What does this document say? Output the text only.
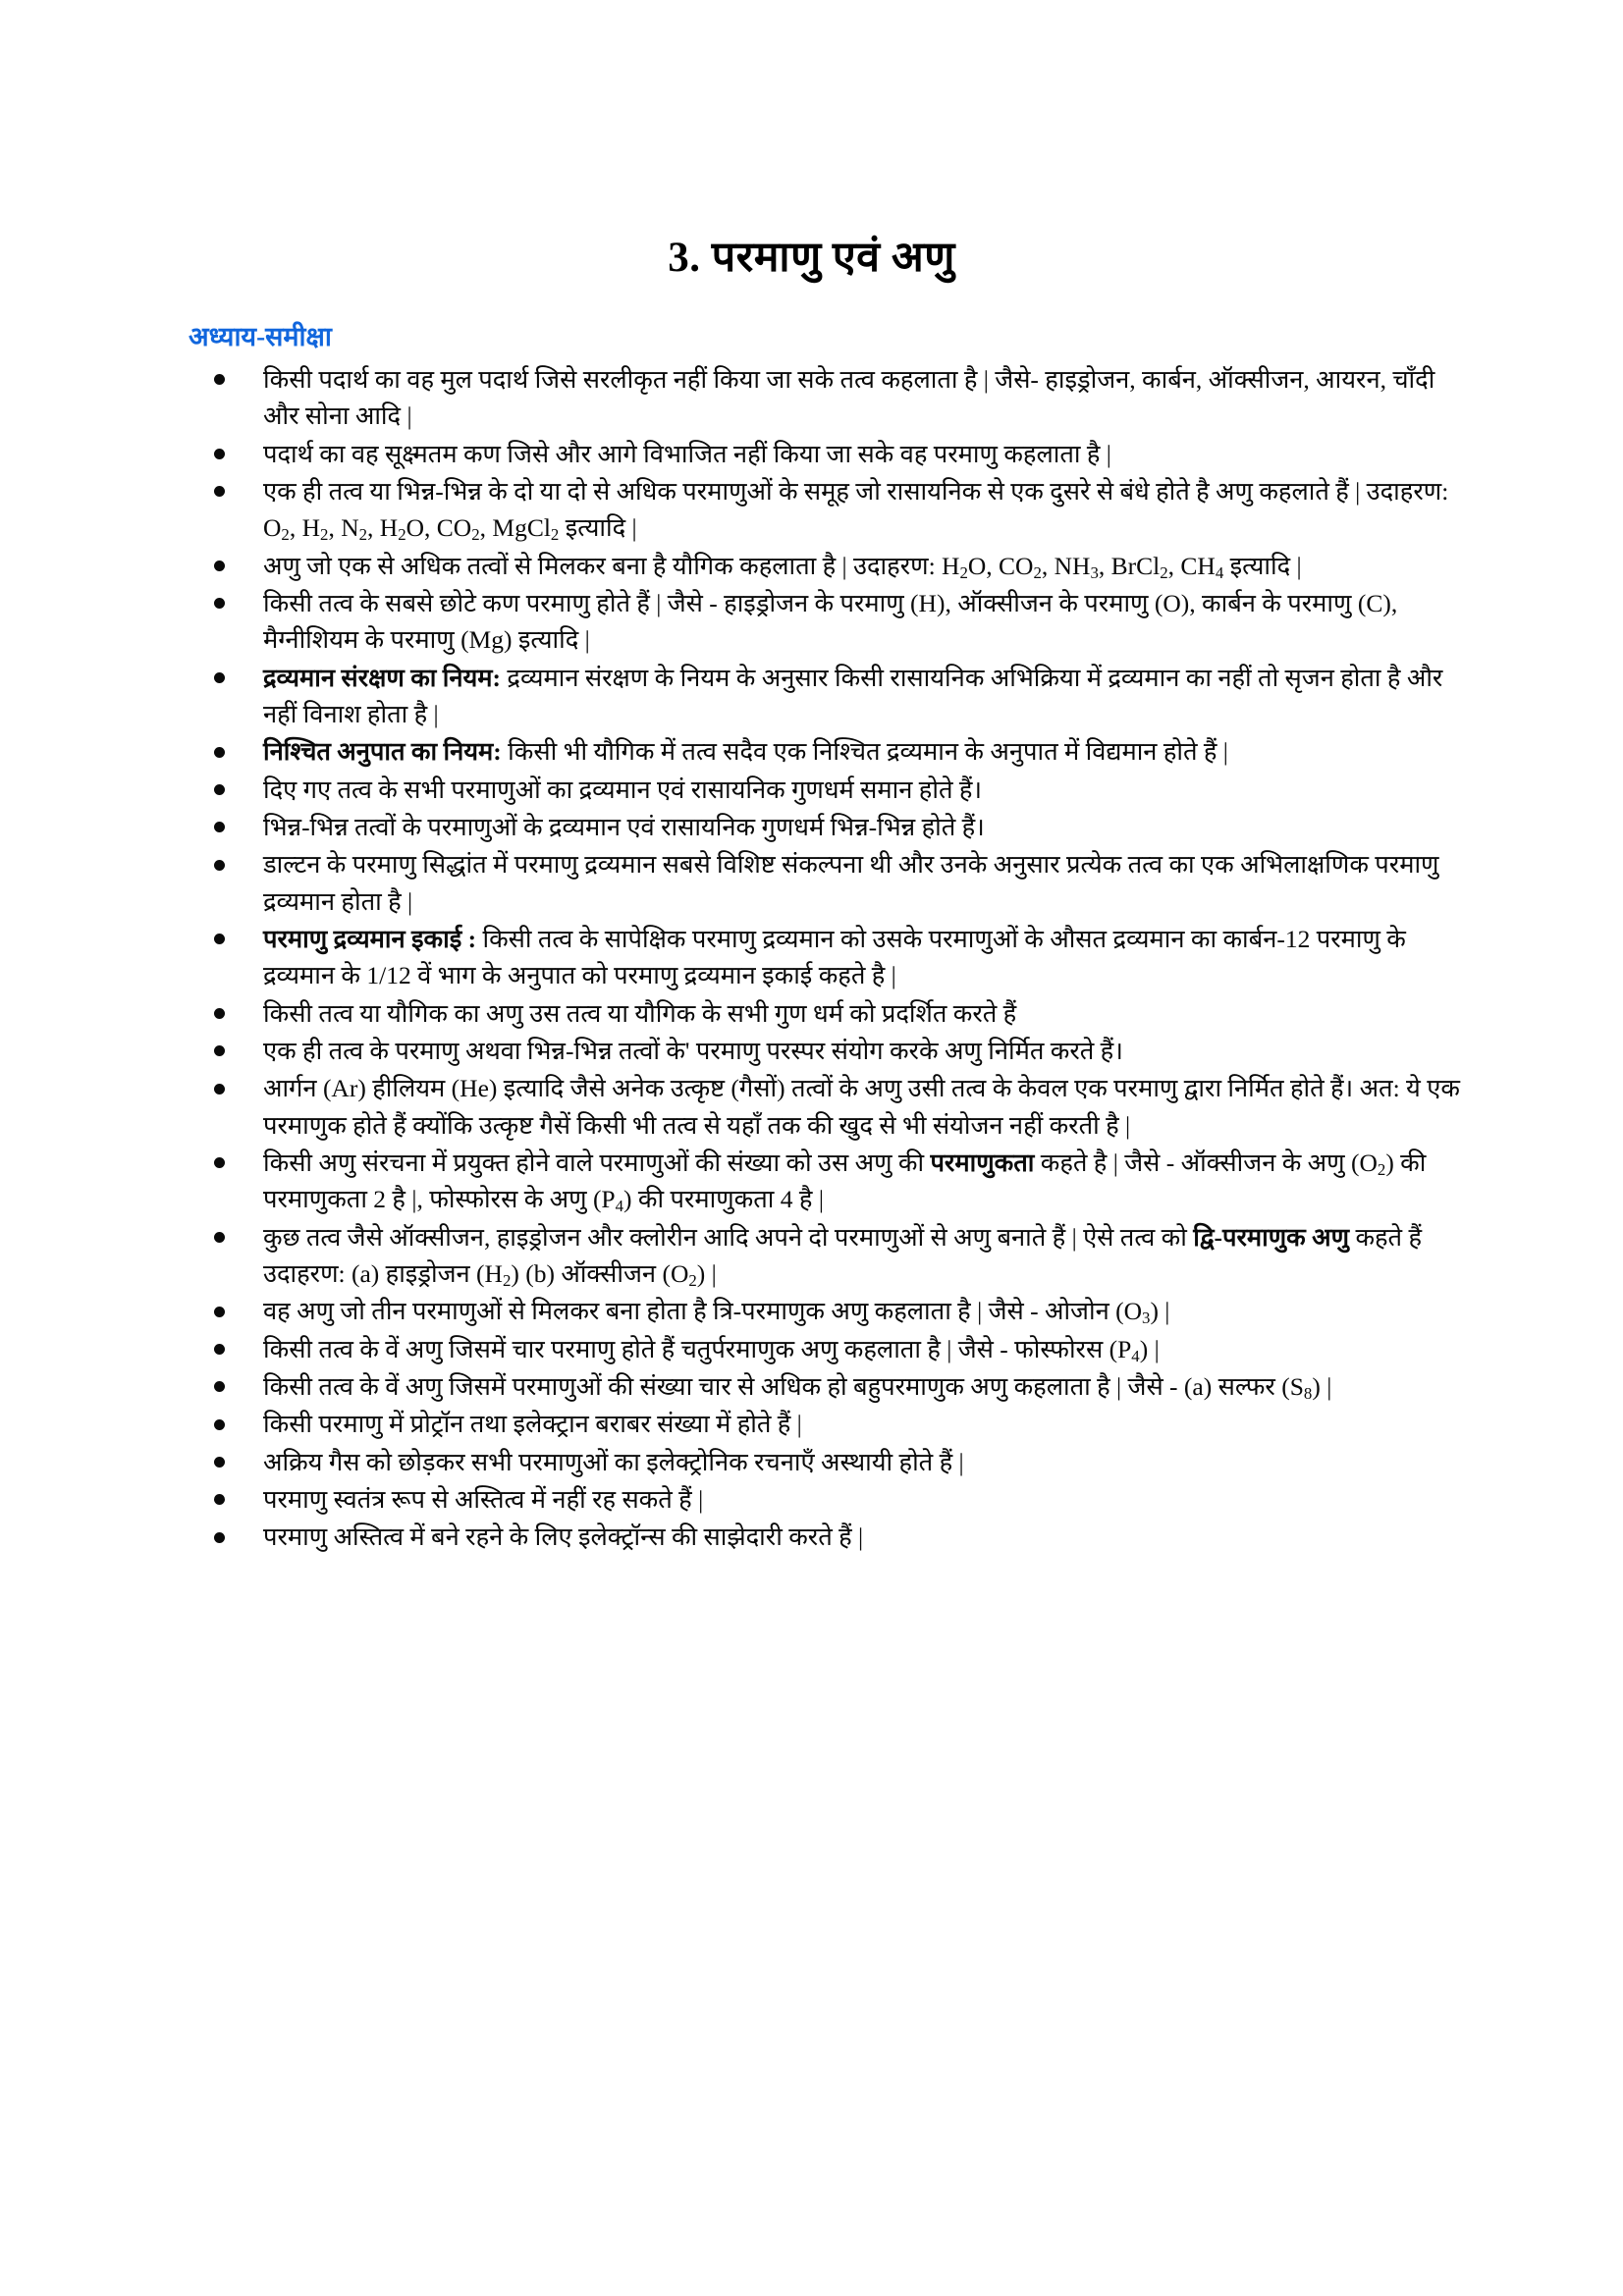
3. परमाणु एवं अणु
अध्याय-समीक्षा
किसी पदार्थ का वह मुल पदार्थ जिसे सरलीकृत नहीं किया जा सके तत्व कहलाता है | जैसे- हाइड्रोजन, कार्बन, ऑक्सीजन, आयरन, चाँदी और सोना आदि |
पदार्थ का वह सूक्ष्मतम कण जिसे और आगे विभाजित नहीं किया जा सके वह परमाणु कहलाता है |
एक ही तत्व या भिन्न-भिन्न के दो या दो से अधिक परमाणुओं के समूह जो रासायनिक से एक दुसरे से बंधे होते है अणु कहलाते हैं | उदाहरण: $O_2$, $H_2$, $N_2$, $H_2O$, $CO_2$, MgCl$_2$ इत्यादि |
अणु जो एक से अधिक तत्वों से मिलकर बना है यौगिक कहलाता है | उदाहरण: $H_2O$, $CO_2$, $NH_3$, BrCl$_2$, $CH_4$ इत्यादि |
किसी तत्व के सबसे छोटे कण परमाणु होते हैं | जैसे - हाइड्रोजन के परमाणु (H), ऑक्सीजन के परमाणु (O), कार्बन के परमाणु (C), मैग्नीशियम के परमाणु (Mg) इत्यादि |
द्रव्यमान संरक्षण का नियम: द्रव्यमान संरक्षण के नियम के अनुसार किसी रासायनिक अभिक्रिया में द्रव्यमान का नहीं तो सृजन होता है और नहीं विनाश होता है |
निश्चित अनुपात का नियम: किसी भी यौगिक में तत्व सदैव एक निश्चित द्रव्यमान के अनुपात में विद्यमान होते हैं |
दिए गए तत्व के सभी परमाणुओं का द्रव्यमान एवं रासायनिक गुणधर्म समान होते हैं।
भिन्न-भिन्न तत्वों के परमाणुओं के द्रव्यमान एवं रासायनिक गुणधर्म भिन्न-भिन्न होते हैं।
डाल्टन के परमाणु सिद्धांत में परमाणु द्रव्यमान सबसे विशिष्ट संकल्पना थी और उनके अनुसार प्रत्येक तत्व का एक अभिलाक्षणिक परमाणु द्रव्यमान होता है |
परमाणु द्रव्यमान इकाई : किसी तत्व के सापेक्षिक परमाणु द्रव्यमान को उसके परमाणुओं के औसत द्रव्यमान का कार्बन-12 परमाणु के द्रव्यमान के 1/12 वें भाग के अनुपात को परमाणु द्रव्यमान इकाई कहते है |
किसी तत्व या यौगिक का अणु उस तत्व या यौगिक के सभी गुण धर्म को प्रदर्शित करते हैं
एक ही तत्व के परमाणु अथवा भिन्न-भिन्न तत्वों के' परमाणु परस्पर संयोग करके अणु निर्मित करते हैं।
आर्गन (Ar) हीलियम (He) इत्यादि जैसे अनेक उत्कृष्ट (गैसों) तत्वों के अणु उसी तत्व के केवल एक परमाणु द्वारा निर्मित होते हैं। अत: ये एक परमाणुक होते हैं क्योंकि उत्कृष्ट गैसें किसी भी तत्व से यहाँ तक की खुद से भी संयोजन नहीं करती है |
किसी अणु संरचना में प्रयुक्त होने वाले परमाणुओं की संख्या को उस अणु की परमाणुकता कहते है | जैसे - ऑक्सीजन के अणु $(O_2)$ की परमाणुकता 2 है |, फोस्फोरस के अणु $(P_4)$ की परमाणुकता 4 है |
कुछ तत्व जैसे ऑक्सीजन, हाइड्रोजन और क्लोरीन आदि अपने दो परमाणुओं से अणु बनाते हैं | ऐसे तत्व को द्वि-परमाणुक अणु कहते हैं उदाहरण: (a) हाइड्रोजन $(H_2)$ (b) ऑक्सीजन $(O_2)$ |
वह अणु जो तीन परमाणुओं से मिलकर बना होता है त्रि-परमाणुक अणु कहलाता है | जैसे - ओजोन $(O_3)$ |
किसी तत्व के वें अणु जिसमें चार परमाणु होते हैं चतुर्परमाणुक अणु कहलाता है | जैसे - फोस्फोरस $(P_4)$ |
किसी तत्व के वें अणु जिसमें परमाणुओं की संख्या चार से अधिक हो बहुपरमाणुक अणु कहलाता है | जैसे - (a) सल्फर $(S_8)$ |
किसी परमाणु में प्रोट्रॉन तथा इलेक्ट्रान बराबर संख्या में होते हैं |
अक्रिय गैस को छोड़कर सभी परमाणुओं का इलेक्ट्रोनिक रचनाएँ अस्थायी होते हैं |
परमाणु स्वतंत्र रूप से अस्तित्व में नहीं रह सकते हैं |
परमाणु अस्तित्व में बने रहने के लिए इलेक्ट्रॉन्स की साझेदारी करते हैं |
